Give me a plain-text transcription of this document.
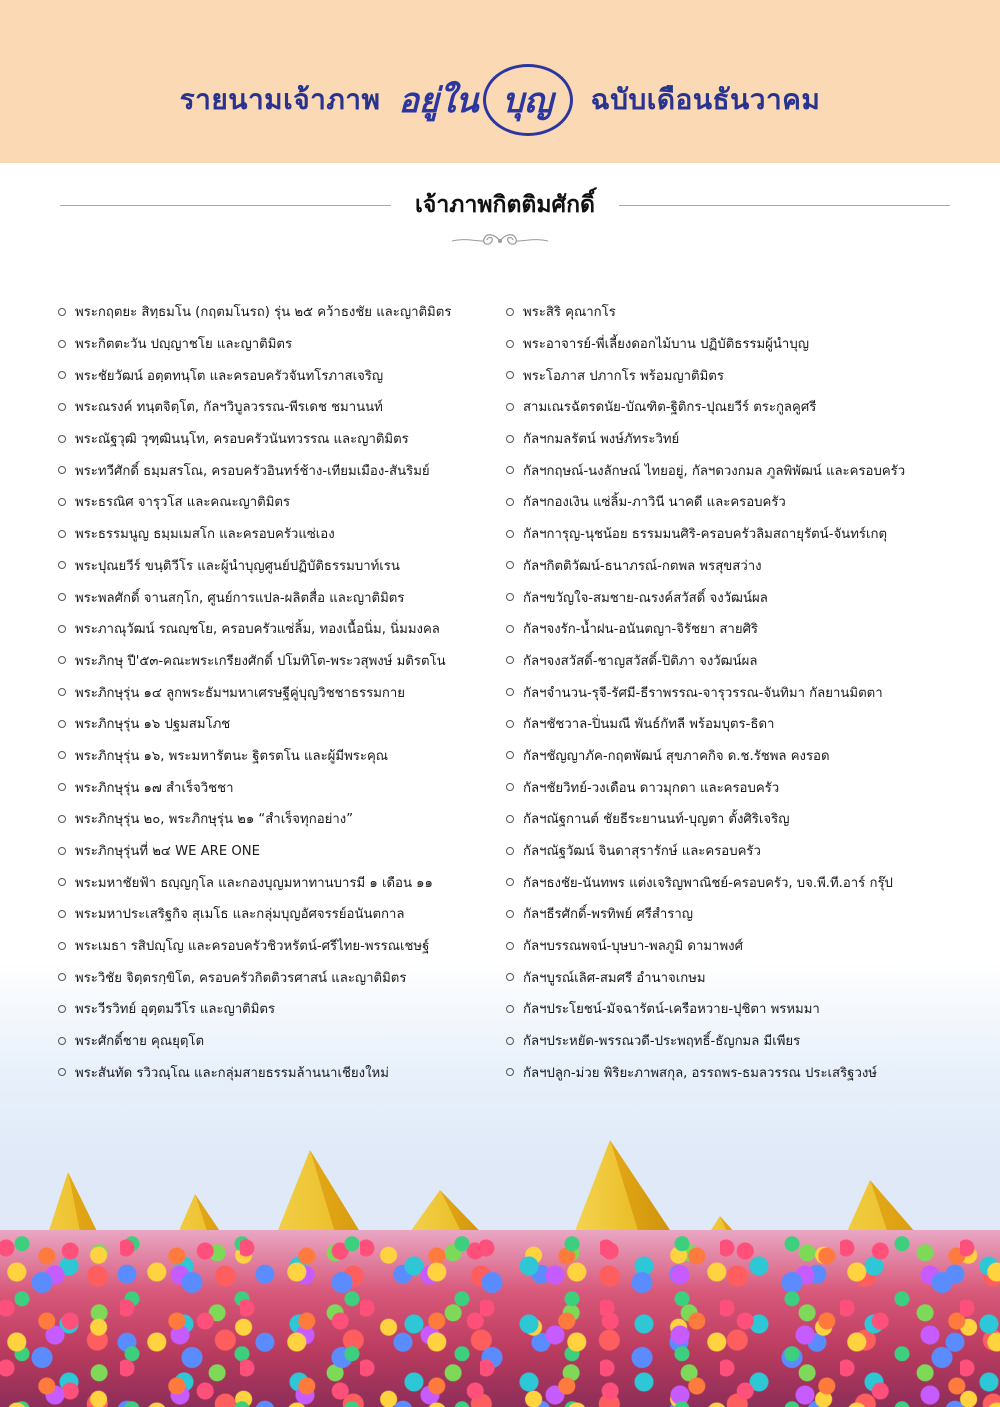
รายนามเจ้าภาพ อยู่ใน บุญ ฉบับเดือนธันวาคม
เจ้าภาพกิตติมศักดิ์
พระกฤตยะ สิทฺธมโน (กฤตมโนรถ) รุ่น ๒๕ คว้าธงชัย และญาติมิตร
พระกิตตะวัน ปญฺญาชโย และญาติมิตร
พระชัยวัฒน์ อตฺตทนฺโต และครอบครัวจันทโรภาสเจริญ
พระณรงค์ ทนฺตจิตฺโต, กัลฯวิบูลวรรณ-พีรเดช ชมานนท์
พระณัฐวุฒิ วุฑฺฒินนฺโท, ครอบครัวนันทวรรณ และญาติมิตร
พระทวีศักดิ์ ธมฺมสรโณ, ครอบครัวอินทร์ช้าง-เทียมเมือง-สันริมย์
พระธรณิศ จารุวโส และคณะญาติมิตร
พระธรรมนูญ ธมฺมเมสโก และครอบครัวแซ่เอง
พระปุณยวีร์ ขนฺติวีโร และผู้นำบุญศูนย์ปฏิบัติธรรมบาท์เรน
พระพลศักดิ์ จานสกฺโก, ศูนย์การแปล-ผลิตสื่อ และญาติมิตร
พระภาณุวัฒน์ รณญฺชโย, ครอบครัวแซ่ลิ้ม, ทองเนื้อนิ่ม, นิ่มมงคล
พระภิกษุ ปี'๕๓-คณะพระเกรียงศักดิ์ ปโมทิโต-พระวสุพงษ์ มติรตโน
พระภิกษุรุ่น ๑๔ ลูกพระธัมฯมหาเศรษฐีคู่บุญวิชชาธรรมกาย
พระภิกษุรุ่น ๑๖ ปฐมสมโภช
พระภิกษุรุ่น ๑๖, พระมหารัตนะ ฐิตรตโน และผู้มีพระคุณ
พระภิกษุรุ่น ๑๗ สำเร็จวิชชา
พระภิกษุรุ่น ๒๐, พระภิกษุรุ่น ๒๑ “สำเร็จทุกอย่าง”
พระภิกษุรุ่นที่ ๒๔ WE ARE ONE
พระมหาชัยฟ้า ธญฺญกุโล และกองบุญมหาทานบารมี ๑ เดือน ๑๑
พระมหาประเสริฐกิจ สุเมโธ และกลุ่มบุญอัศจรรย์อนันตกาล
พระเมธา รสิปญฺโญ และครอบครัวชิวหรัตน์-ศรีไทย-พรรณเชษฐ์
พระวิชัย จิตฺตรกฺขิโต, ครอบครัวกิตติวรศาสน์ และญาติมิตร
พระวีรวิทย์ อุตฺตมวีโร และญาติมิตร
พระศักดิ์ชาย คุณยุตฺโต
พระสันทัด รวิวณฺโณ และกลุ่มสายธรรมล้านนาเชียงใหม่
พระสิริ คุณากโร
พระอาจารย์-พี่เลี้ยงดอกไม้บาน ปฏิบัติธรรมผู้นำบุญ
พระโอภาส ปภากโร พร้อมญาติมิตร
สามเณรฉัตรดนัย-บัณฑิต-ฐิติกร-ปุณยวีร์ ตระกูลคูศรี
กัลฯกมลรัตน์ พงษ์ภัทระวิทย์
กัลฯกฤษณ์-นงลักษณ์ ไทยอยู่, กัลฯดวงกมล ภูลพิพัฒน์ และครอบครัว
กัลฯกองเงิน แซ่ลิ้ม-ภาวินี นาคดี และครอบครัว
กัลฯการุญ-นุชน้อย ธรรมมนศิริ-ครอบครัวลิมสถายุรัตน์-จันทร์เกตุ
กัลฯกิตติวัฒน์-ธนาภรณ์-กตพล พรสุขสว่าง
กัลฯขวัญใจ-สมชาย-ณรงค์สวัสดิ์ จงวัฒน์ผล
กัลฯจงรัก-น้ำฝน-อนันตญา-จิรัชยา สายศิริ
กัลฯจงสวัสดิ์-ชาญสวัสดิ์-ปิติภา จงวัฒน์ผล
กัลฯจำนวน-รุจี-รัศมี-ธีราพรรณ-จารุวรรณ-จันทิมา กัลยานมิตตา
กัลฯชัชวาล-ปิ่นมณี พันธ์กัทลี พร้อมบุตร-ธิดา
กัลฯชัญญาภัค-กฤตพัฒน์ สุขภาคกิจ ด.ช.รัชพล คงรอด
กัลฯชัยวิทย์-วงเดือน ดาวมุกดา และครอบครัว
กัลฯณัฐกานต์ ชัยธีระยานนท์-บุญตา ตั้งศิริเจริญ
กัลฯณัฐวัฒน์ จินดาสุรารักษ์ และครอบครัว
กัลฯธงชัย-นันทพร แต่งเจริญพาณิชย์-ครอบครัว, บจ.พี.ที.อาร์ กรุ๊ป
กัลฯธีรศักดิ์-พรทิพย์ ศรีสำราญ
กัลฯบรรณพจน์-บุษบา-พลภูมิ ดามาพงศ์
กัลฯบูรณ์เลิศ-สมศรี อำนาจเกษม
กัลฯประโยชน์-มัจฉารัตน์-เครือหวาย-ปุชิตา พรหมมา
กัลฯประหยัด-พรรณวดี-ประพฤทธิ์-ธัญกมล มีเพียร
กัลฯปลูก-ม่วย พิริยะภาพสกุล, อรรถพร-ธมลวรรณ ประเสริฐวงษ์
